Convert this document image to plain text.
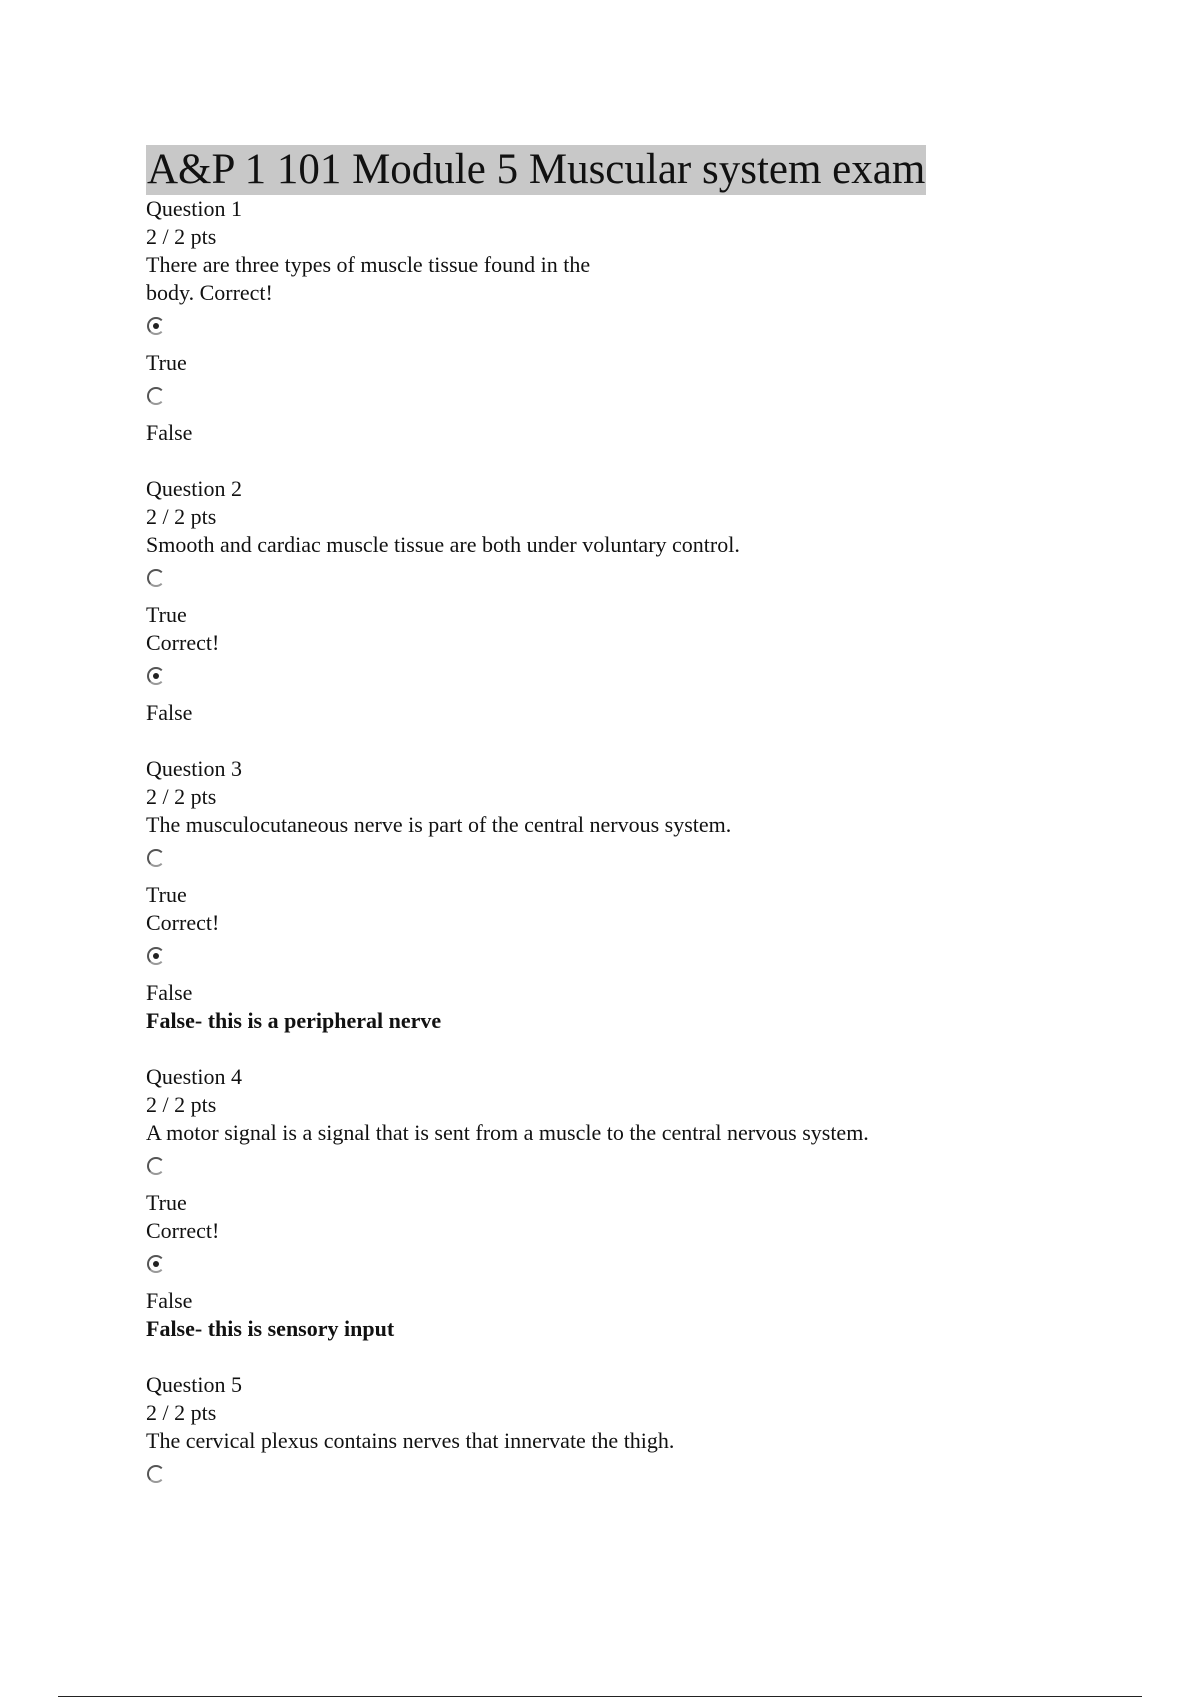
A&P 1 101 Module 5 Muscular system exam
Question 1
2 / 2 pts
There are three types of muscle tissue found in the
body. Correct!
True
False
Question 2
2 / 2 pts
Smooth and cardiac muscle tissue are both under voluntary control.
True
Correct!
False
Question 3
2 / 2 pts
The musculocutaneous nerve is part of the central nervous system.
True
Correct!
False
False- this is a peripheral nerve
Question 4
2 / 2 pts
A motor signal is a signal that is sent from a muscle to the central nervous system.
True
Correct!
False
False- this is sensory input
Question 5
2 / 2 pts
The cervical plexus contains nerves that innervate the thigh.
